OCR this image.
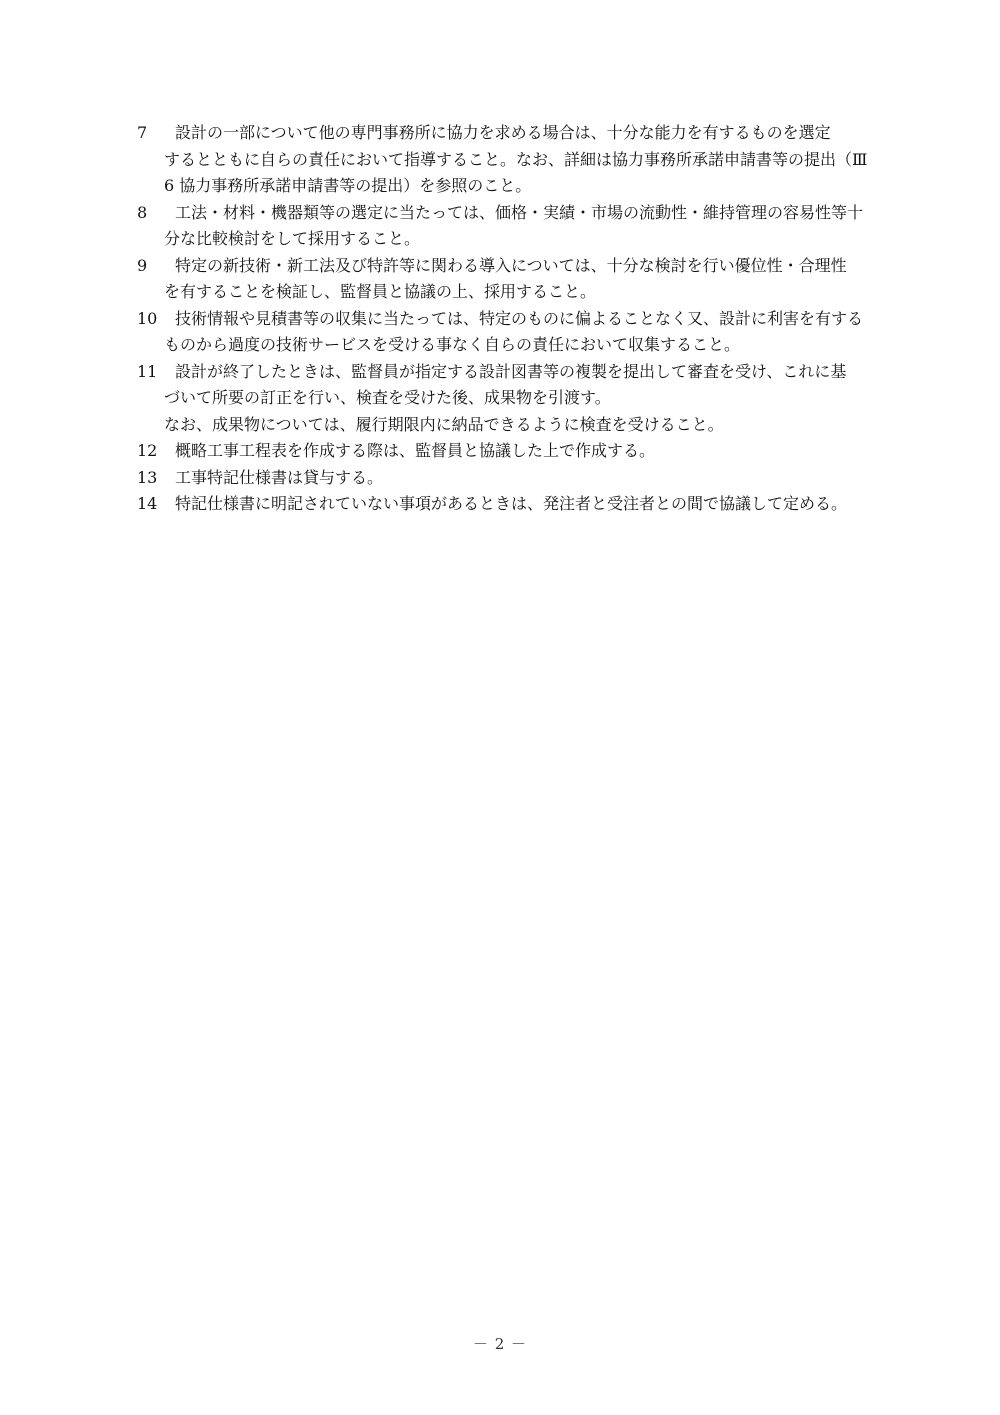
7 設計の一部について他の専門事務所に協力を求める場合は、十分な能力を有するものを選定
するとともに自らの責任において指導すること。なお、詳細は協力事務所承諾申請書等の提出（Ⅲ
6 協力事務所承諾申請書等の提出）を参照のこと。
8 工法・材料・機器類等の選定に当たっては、価格・実績・市場の流動性・維持管理の容易性等十
分な比較検討をして採用すること。
9 特定の新技術・新工法及び特許等に関わる導入については、十分な検討を行い優位性・合理性
を有することを検証し、監督員と協議の上、採用すること。
10 技術情報や見積書等の収集に当たっては、特定のものに偏よることなく又、設計に利害を有する
ものから過度の技術サービスを受ける事なく自らの責任において収集すること。
11 設計が終了したときは、監督員が指定する設計図書等の複製を提出して審査を受け、これに基
づいて所要の訂正を行い、検査を受けた後、成果物を引渡す。
なお、成果物については、履行期限内に納品できるように検査を受けること。
12 概略工事工程表を作成する際は、監督員と協議した上で作成する。
13 工事特記仕様書は貸与する。
14 特記仕様書に明記されていない事項があるときは、発注者と受注者との間で協議して定める。
－ 2 －
